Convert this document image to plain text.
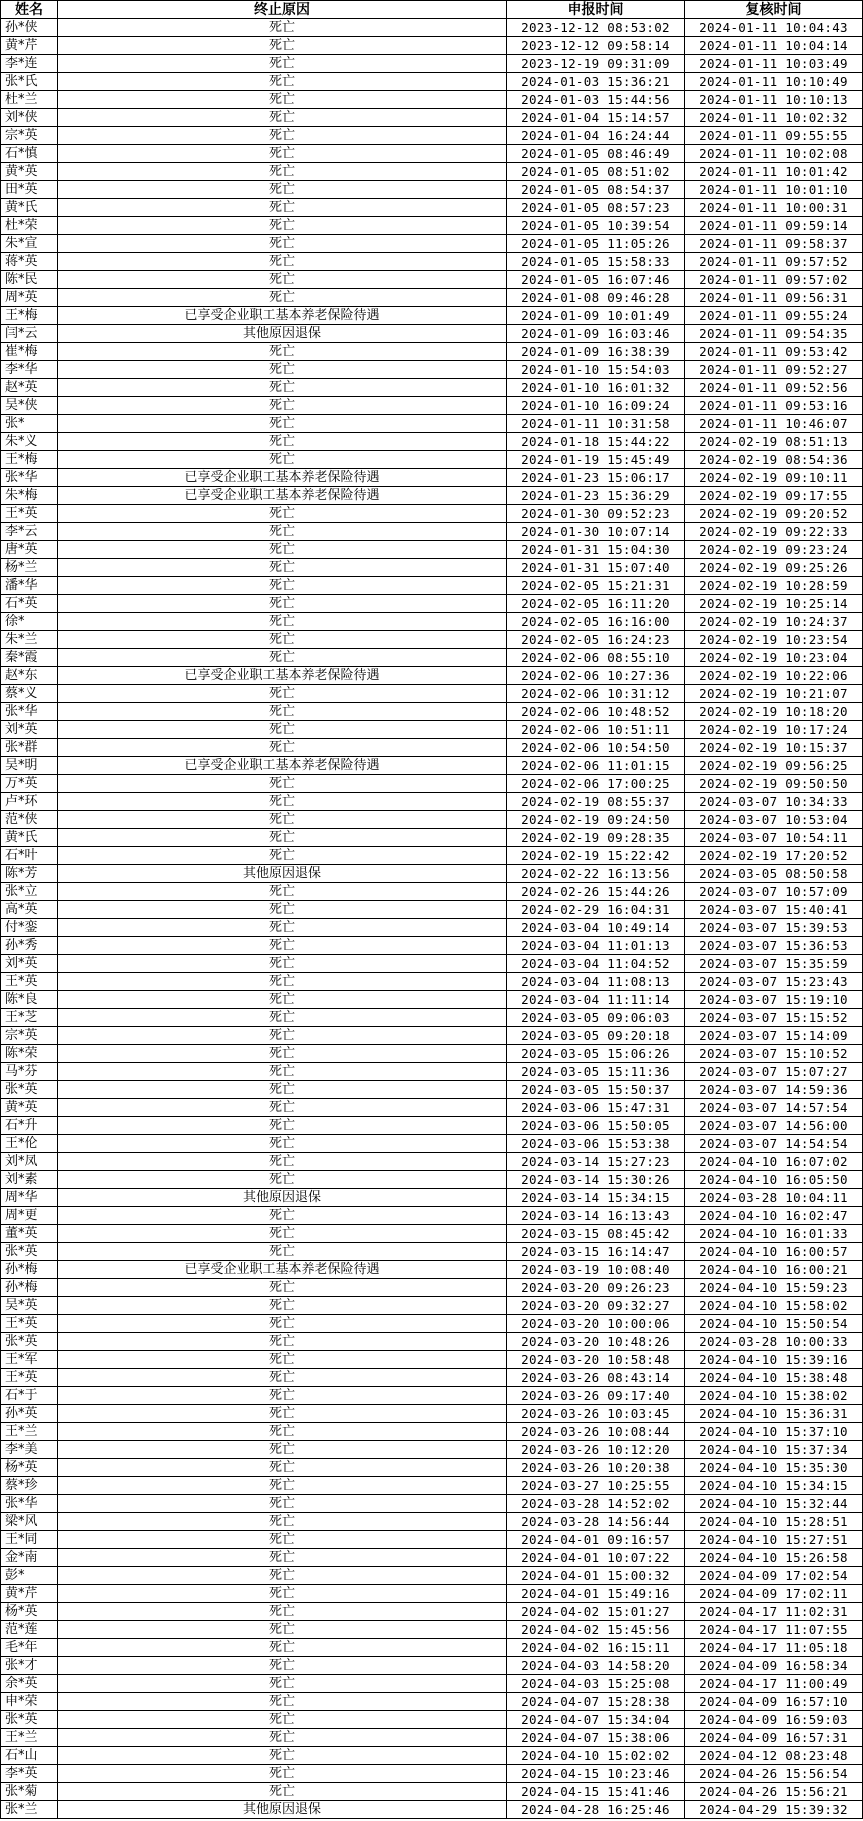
姓名	终止原因	申报时间	复核时间
孙*侠	死亡	2023-12-12 08:53:02	2024-01-11 10:04:43
黄*芹	死亡	2023-12-12 09:58:14	2024-01-11 10:04:14
李*连	死亡	2023-12-19 09:31:09	2024-01-11 10:03:49
张*氏	死亡	2024-01-03 15:36:21	2024-01-11 10:10:49
杜*兰	死亡	2024-01-03 15:44:56	2024-01-11 10:10:13
刘*侠	死亡	2024-01-04 15:14:57	2024-01-11 10:02:32
宗*英	死亡	2024-01-04 16:24:44	2024-01-11 09:55:55
石*慎	死亡	2024-01-05 08:46:49	2024-01-11 10:02:08
黄*英	死亡	2024-01-05 08:51:02	2024-01-11 10:01:42
田*英	死亡	2024-01-05 08:54:37	2024-01-11 10:01:10
黄*氏	死亡	2024-01-05 08:57:23	2024-01-11 10:00:31
杜*荣	死亡	2024-01-05 10:39:54	2024-01-11 09:59:14
朱*宣	死亡	2024-01-05 11:05:26	2024-01-11 09:58:37
蒋*英	死亡	2024-01-05 15:58:33	2024-01-11 09:57:52
陈*民	死亡	2024-01-05 16:07:46	2024-01-11 09:57:02
周*英	死亡	2024-01-08 09:46:28	2024-01-11 09:56:31
王*梅	已享受企业职工基本养老保险待遇	2024-01-09 10:01:49	2024-01-11 09:55:24
闫*云	其他原因退保	2024-01-09 16:03:46	2024-01-11 09:54:35
崔*梅	死亡	2024-01-09 16:38:39	2024-01-11 09:53:42
李*华	死亡	2024-01-10 15:54:03	2024-01-11 09:52:27
赵*英	死亡	2024-01-10 16:01:32	2024-01-11 09:52:56
吴*侠	死亡	2024-01-10 16:09:24	2024-01-11 09:53:16
张*	死亡	2024-01-11 10:31:58	2024-01-11 10:46:07
朱*义	死亡	2024-01-18 15:44:22	2024-02-19 08:51:13
王*梅	死亡	2024-01-19 15:45:49	2024-02-19 08:54:36
张*华	已享受企业职工基本养老保险待遇	2024-01-23 15:06:17	2024-02-19 09:10:11
朱*梅	已享受企业职工基本养老保险待遇	2024-01-23 15:36:29	2024-02-19 09:17:55
王*英	死亡	2024-01-30 09:52:23	2024-02-19 09:20:52
李*云	死亡	2024-01-30 10:07:14	2024-02-19 09:22:33
唐*英	死亡	2024-01-31 15:04:30	2024-02-19 09:23:24
杨*兰	死亡	2024-01-31 15:07:40	2024-02-19 09:25:26
潘*华	死亡	2024-02-05 15:21:31	2024-02-19 10:28:59
石*英	死亡	2024-02-05 16:11:20	2024-02-19 10:25:14
徐*	死亡	2024-02-05 16:16:00	2024-02-19 10:24:37
朱*兰	死亡	2024-02-05 16:24:23	2024-02-19 10:23:54
秦*霞	死亡	2024-02-06 08:55:10	2024-02-19 10:23:04
赵*东	已享受企业职工基本养老保险待遇	2024-02-06 10:27:36	2024-02-19 10:22:06
蔡*义	死亡	2024-02-06 10:31:12	2024-02-19 10:21:07
张*华	死亡	2024-02-06 10:48:52	2024-02-19 10:18:20
刘*英	死亡	2024-02-06 10:51:11	2024-02-19 10:17:24
张*群	死亡	2024-02-06 10:54:50	2024-02-19 10:15:37
吴*明	已享受企业职工基本养老保险待遇	2024-02-06 11:01:15	2024-02-19 09:56:25
万*英	死亡	2024-02-06 17:00:25	2024-02-19 09:50:50
卢*环	死亡	2024-02-19 08:55:37	2024-03-07 10:34:33
范*侠	死亡	2024-02-19 09:24:50	2024-03-07 10:53:04
黄*氏	死亡	2024-02-19 09:28:35	2024-03-07 10:54:11
石*叶	死亡	2024-02-19 15:22:42	2024-02-19 17:20:52
陈*芳	其他原因退保	2024-02-22 16:13:56	2024-03-05 08:50:58
张*立	死亡	2024-02-26 15:44:26	2024-03-07 10:57:09
高*英	死亡	2024-02-29 16:04:31	2024-03-07 15:40:41
付*銮	死亡	2024-03-04 10:49:14	2024-03-07 15:39:53
孙*秀	死亡	2024-03-04 11:01:13	2024-03-07 15:36:53
刘*英	死亡	2024-03-04 11:04:52	2024-03-07 15:35:59
王*英	死亡	2024-03-04 11:08:13	2024-03-07 15:23:43
陈*良	死亡	2024-03-04 11:11:14	2024-03-07 15:19:10
王*芝	死亡	2024-03-05 09:06:03	2024-03-07 15:15:52
宗*英	死亡	2024-03-05 09:20:18	2024-03-07 15:14:09
陈*荣	死亡	2024-03-05 15:06:26	2024-03-07 15:10:52
马*芬	死亡	2024-03-05 15:11:36	2024-03-07 15:07:27
张*英	死亡	2024-03-05 15:50:37	2024-03-07 14:59:36
黄*英	死亡	2024-03-06 15:47:31	2024-03-07 14:57:54
石*升	死亡	2024-03-06 15:50:05	2024-03-07 14:56:00
王*伦	死亡	2024-03-06 15:53:38	2024-03-07 14:54:54
刘*凤	死亡	2024-03-14 15:27:23	2024-04-10 16:07:02
刘*素	死亡	2024-03-14 15:30:26	2024-04-10 16:05:50
周*华	其他原因退保	2024-03-14 15:34:15	2024-03-28 10:04:11
周*更	死亡	2024-03-14 16:13:43	2024-04-10 16:02:47
董*英	死亡	2024-03-15 08:45:42	2024-04-10 16:01:33
张*英	死亡	2024-03-15 16:14:47	2024-04-10 16:00:57
孙*梅	已享受企业职工基本养老保险待遇	2024-03-19 10:08:40	2024-04-10 16:00:21
孙*梅	死亡	2024-03-20 09:26:23	2024-04-10 15:59:23
吴*英	死亡	2024-03-20 09:32:27	2024-04-10 15:58:02
王*英	死亡	2024-03-20 10:00:06	2024-04-10 15:50:54
张*英	死亡	2024-03-20 10:48:26	2024-03-28 10:00:33
王*军	死亡	2024-03-20 10:58:48	2024-04-10 15:39:16
王*英	死亡	2024-03-26 08:43:14	2024-04-10 15:38:48
石*于	死亡	2024-03-26 09:17:40	2024-04-10 15:38:02
孙*英	死亡	2024-03-26 10:03:45	2024-04-10 15:36:31
王*兰	死亡	2024-03-26 10:08:44	2024-04-10 15:37:10
李*美	死亡	2024-03-26 10:12:20	2024-04-10 15:37:34
杨*英	死亡	2024-03-26 10:20:38	2024-04-10 15:35:30
蔡*珍	死亡	2024-03-27 10:25:55	2024-04-10 15:34:15
张*华	死亡	2024-03-28 14:52:02	2024-04-10 15:32:44
梁*风	死亡	2024-03-28 14:56:44	2024-04-10 15:28:51
王*同	死亡	2024-04-01 09:16:57	2024-04-10 15:27:51
金*南	死亡	2024-04-01 10:07:22	2024-04-10 15:26:58
彭*	死亡	2024-04-01 15:00:32	2024-04-09 17:02:54
黄*芹	死亡	2024-04-01 15:49:16	2024-04-09 17:02:11
杨*英	死亡	2024-04-02 15:01:27	2024-04-17 11:02:31
范*莲	死亡	2024-04-02 15:45:56	2024-04-17 11:07:55
毛*年	死亡	2024-04-02 16:15:11	2024-04-17 11:05:18
张*才	死亡	2024-04-03 14:58:20	2024-04-09 16:58:34
余*英	死亡	2024-04-03 15:25:08	2024-04-17 11:00:49
申*荣	死亡	2024-04-07 15:28:38	2024-04-09 16:57:10
张*英	死亡	2024-04-07 15:34:04	2024-04-09 16:59:03
王*兰	死亡	2024-04-07 15:38:06	2024-04-09 16:57:31
石*山	死亡	2024-04-10 15:02:02	2024-04-12 08:23:48
李*英	死亡	2024-04-15 10:23:46	2024-04-26 15:56:54
张*菊	死亡	2024-04-15 15:41:46	2024-04-26 15:56:21
张*兰	其他原因退保	2024-04-28 16:25:46	2024-04-29 15:39:32
